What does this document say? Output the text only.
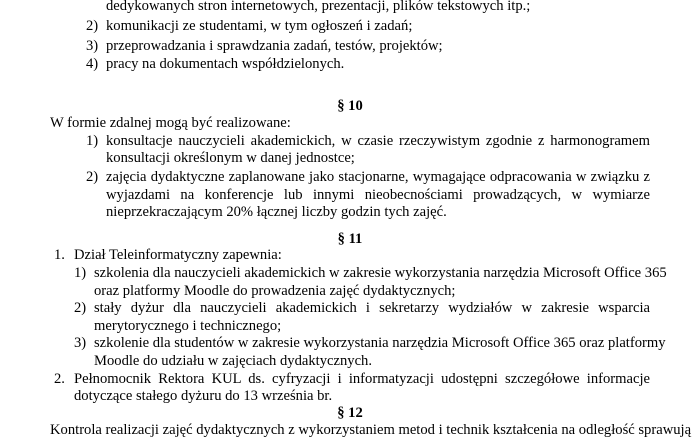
dedykowanych stron internetowych, prezentacji, plików tekstowych itp.;
2) komunikacji ze studentami, w tym ogłoszeń i zadań;
3) przeprowadzania i sprawdzania zadań, testów, projektów;
4) pracy na dokumentach współdzielonych.
§ 10
W formie zdalnej mogą być realizowane:
1) konsultacje nauczycieli akademickich, w czasie rzeczywistym zgodnie z harmonogramem
konsultacji określonym w danej jednostce;
2) zajęcia dydaktyczne zaplanowane jako stacjonarne, wymagające odpracowania w związku z
wyjazdami na konferencje lub innymi nieobecnościami prowadzących, w wymiarze
nieprzekraczającym 20% łącznej liczby godzin tych zajęć.
§ 11
1. Dział Teleinformatyczny zapewnia:
1) szkolenia dla nauczycieli akademickich w zakresie wykorzystania narzędzia Microsoft Office 365
oraz platformy Moodle do prowadzenia zajęć dydaktycznych;
2) stały dyżur dla nauczycieli akademickich i sekretarzy wydziałów w zakresie wsparcia
merytorycznego i technicznego;
3) szkolenie dla studentów w zakresie wykorzystania narzędzia Microsoft Office 365 oraz platformy
Moodle do udziału w zajęciach dydaktycznych.
2. Pełnomocnik Rektora KUL ds. cyfryzacji i informatyzacji udostępni szczegółowe informacje
dotyczące stałego dyżuru do 13 września br.
§ 12
Kontrola realizacji zajęć dydaktycznych z wykorzystaniem metod i technik kształcenia na odległość sprawują
